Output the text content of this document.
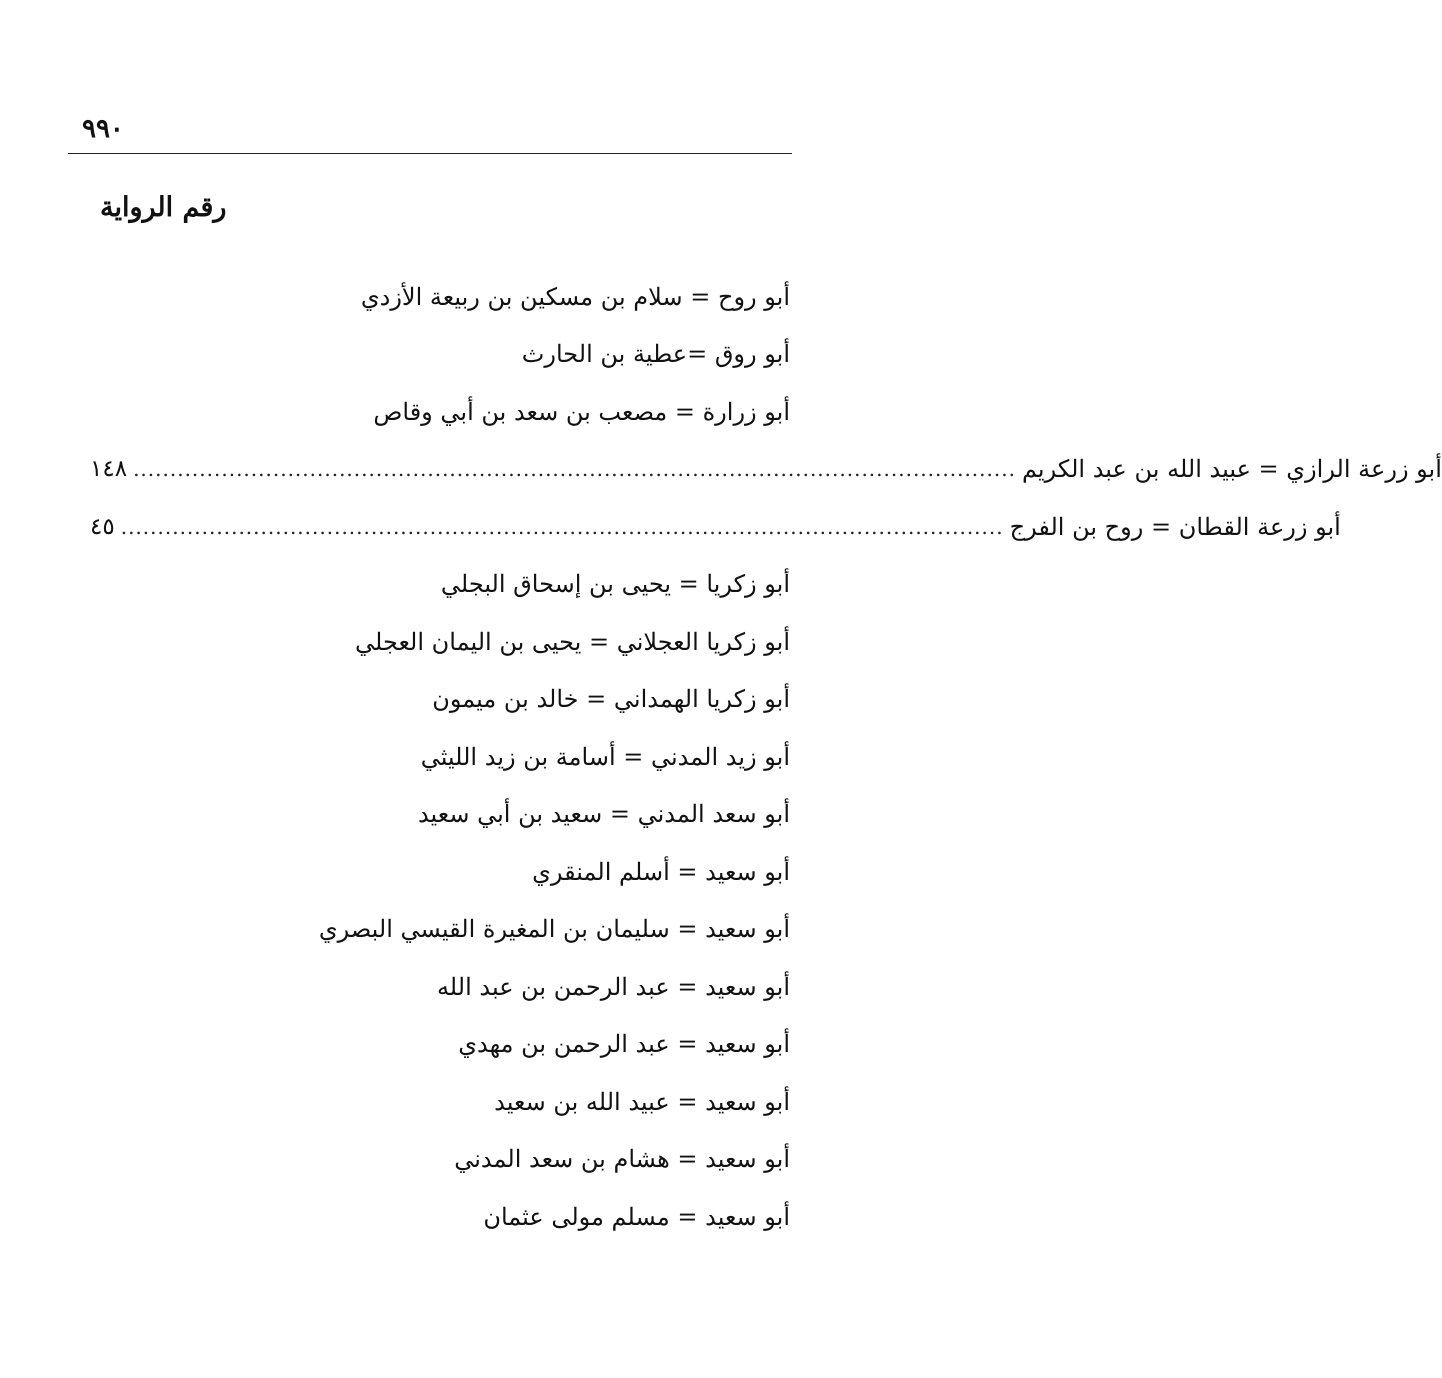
٩٩٠
رقم الرواية
أبو روح = سلام بن مسكين بن ربيعة الأزدي
أبو روق =عطية بن الحارث
أبو زرارة = مصعب بن سعد بن أبي وقاص
١٤٨ ........................................................................................................................ أبو زرعة الرازي = عبيد الله بن عبد الكريم
٤٥ ........................................................................................................................ أبو زرعة القطان = روح بن الفرج
أبو زكريا = يحيى بن إسحاق البجلي
أبو زكريا العجلاني = يحيى بن اليمان العجلي
أبو زكريا الهمداني = خالد بن ميمون
أبو زيد المدني = أسامة بن زيد الليثي
أبو سعد المدني = سعيد بن أبي سعيد
أبو سعيد = أسلم المنقري
أبو سعيد = سليمان بن المغيرة القيسي البصري
أبو سعيد = عبد الرحمن بن عبد الله
أبو سعيد = عبد الرحمن بن مهدي
أبو سعيد = عبيد الله بن سعيد
أبو سعيد = هشام بن سعد المدني
أبو سعيد = مسلم مولى عثمان
